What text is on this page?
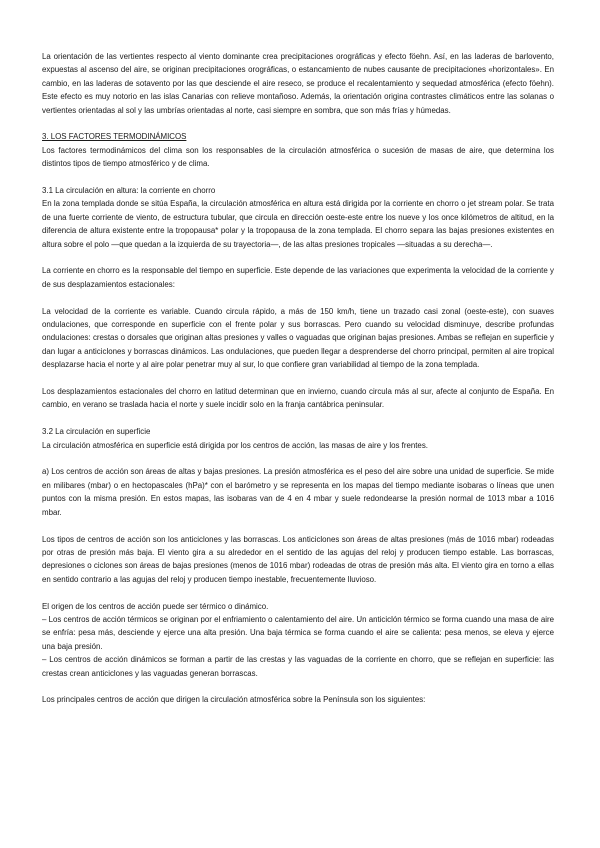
La orientación de las vertientes respecto al viento dominante crea precipitaciones orográficas y efecto föehn. Así, en las laderas de barlovento, expuestas al ascenso del aire, se originan precipitaciones orográficas, o estancamiento de nubes causante de precipitaciones «horizontales». En cambio, en las laderas de sotavento por las que desciende el aire reseco, se produce el recalentamiento y sequedad atmosférica (efecto föehn). Este efecto es muy notorio en las islas Canarias con relieve montañoso. Además, la orientación origina contrastes climáticos entre las solanas o vertientes orientadas al sol y las umbrías orientadas al norte, casi siempre en sombra, que son más frías y húmedas.

3. LOS FACTORES TERMODINÁMICOS

Los factores termodinámicos del clima son los responsables de la circulación atmosférica o sucesión de masas de aire, que determina los distintos tipos de tiempo atmosférico y de clima.

3.1 La circulación en altura: la corriente en chorro

En la zona templada donde se sitúa España, la circulación atmosférica en altura está dirigida por la corriente en chorro o jet stream polar. Se trata de una fuerte corriente de viento, de estructura tubular, que circula en dirección oeste-este entre los nueve y los once kilómetros de altitud, en la diferencia de altura existente entre la tropopausa* polar y la tropopausa de la zona templada. El chorro separa las bajas presiones existentes en altura sobre el polo —que quedan a la izquierda de su trayectoria—, de las altas presiones tropicales —situadas a su derecha—.

La corriente en chorro es la responsable del tiempo en superficie. Este depende de las variaciones que experimenta la velocidad de la corriente y de sus desplazamientos estacionales:

La velocidad de la corriente es variable. Cuando circula rápido, a más de 150 km/h, tiene un trazado casi zonal (oeste-este), con suaves ondulaciones, que corresponde en superficie con el frente polar y sus borrascas. Pero cuando su velocidad disminuye, describe profundas ondulaciones: crestas o dorsales que originan altas presiones y valles o vaguadas que originan bajas presiones. Ambas se reflejan en superficie y dan lugar a anticiclones y borrascas dinámicos. Las ondulaciones, que pueden llegar a desprenderse del chorro principal, permiten al aire tropical desplazarse hacia el norte y al aire polar penetrar muy al sur, lo que confiere gran variabilidad al tiempo de la zona templada.

Los desplazamientos estacionales del chorro en latitud determinan que en invierno, cuando circula más al sur, afecte al conjunto de España. En cambio, en verano se traslada hacia el norte y suele incidir solo en la franja cantábrica peninsular.

3.2 La circulación en superficie

La circulación atmosférica en superficie está dirigida por los centros de acción, las masas de aire y los frentes.

a) Los centros de acción son áreas de altas y bajas presiones. La presión atmosférica es el peso del aire sobre una unidad de superficie. Se mide en milibares (mbar) o en hectopascales (hPa)* con el barómetro y se representa en los mapas del tiempo mediante isobaras o líneas que unen puntos con la misma presión. En estos mapas, las isobaras van de 4 en 4 mbar y suele redondearse la presión normal de 1013 mbar a 1016 mbar.

Los tipos de centros de acción son los anticiclones y las borrascas. Los anticiclones son áreas de altas presiones (más de 1016 mbar) rodeadas por otras de presión más baja. El viento gira a su alrededor en el sentido de las agujas del reloj y producen tiempo estable. Las borrascas, depresiones o ciclones son áreas de bajas presiones (menos de 1016 mbar) rodeadas de otras de presión más alta. El viento gira en torno a ellas en sentido contrario a las agujas del reloj y producen tiempo inestable, frecuentemente lluvioso.

El origen de los centros de acción puede ser térmico o dinámico.

– Los centros de acción térmicos se originan por el enfriamiento o calentamiento del aire. Un anticiclón térmico se forma cuando una masa de aire se enfría: pesa más, desciende y ejerce una alta presión. Una baja térmica se forma cuando el aire se calienta: pesa menos, se eleva y ejerce una baja presión.

– Los centros de acción dinámicos se forman a partir de las crestas y las vaguadas de la corriente en chorro, que se reflejan en superficie: las crestas crean anticiclones y las vaguadas generan borrascas.

Los principales centros de acción que dirigen la circulación atmosférica sobre la Península son los siguientes:
